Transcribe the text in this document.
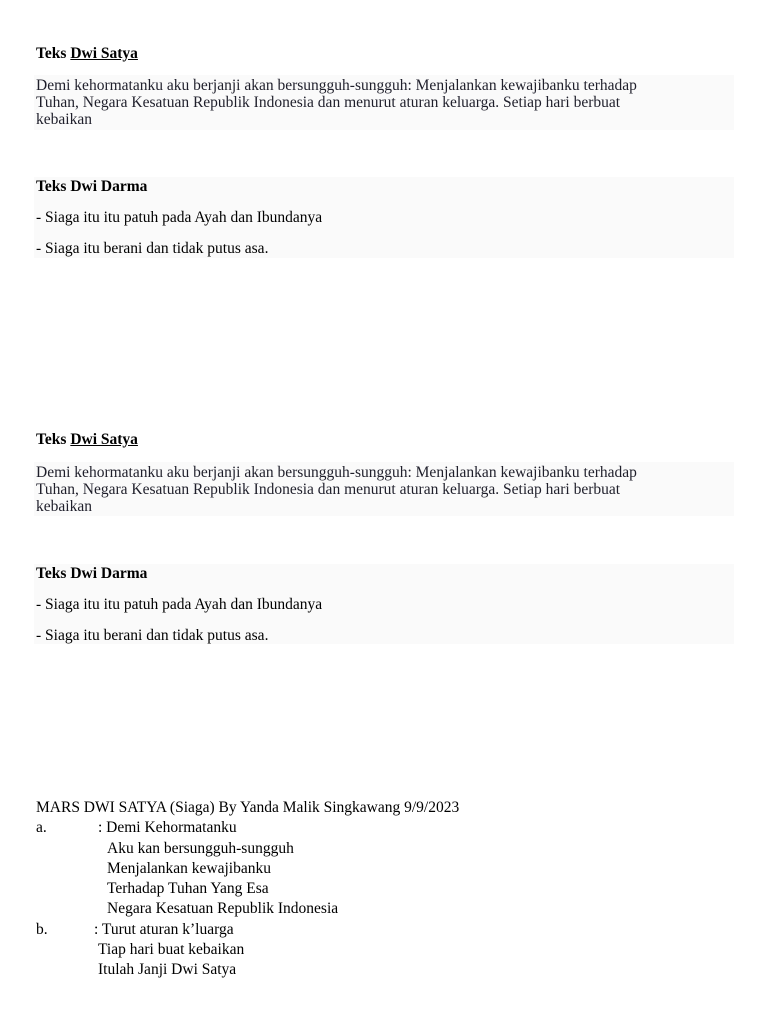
Teks Dwi Satya

Demi kehormatanku aku berjanji akan bersungguh-sungguh: Menjalankan kewajibanku terhadap

Tuhan, Negara Kesatuan Republik Indonesia dan menurut aturan keluarga. Setiap hari berbuat

kebaikan

Teks Dwi Darma

- Siaga itu itu patuh pada Ayah dan Ibundanya

- Siaga itu berani dan tidak putus asa.

Teks Dwi Satya

Demi kehormatanku aku berjanji akan bersungguh-sungguh: Menjalankan kewajibanku terhadap

Tuhan, Negara Kesatuan Republik Indonesia dan menurut aturan keluarga. Setiap hari berbuat

kebaikan

Teks Dwi Darma

- Siaga itu itu patuh pada Ayah dan Ibundanya

- Siaga itu berani dan tidak putus asa.

MARS DWI SATYA (Siaga) By Yanda Malik Singkawang 9/9/2023
a.	: Demi Kehormatanku
Aku kan bersungguh-sungguh
Menjalankan kewajibanku
Terhadap Tuhan Yang Esa
Negara Kesatuan Republik Indonesia
b.	: Turut aturan k’luarga
Tiap hari buat kebaikan
Itulah Janji Dwi Satya
